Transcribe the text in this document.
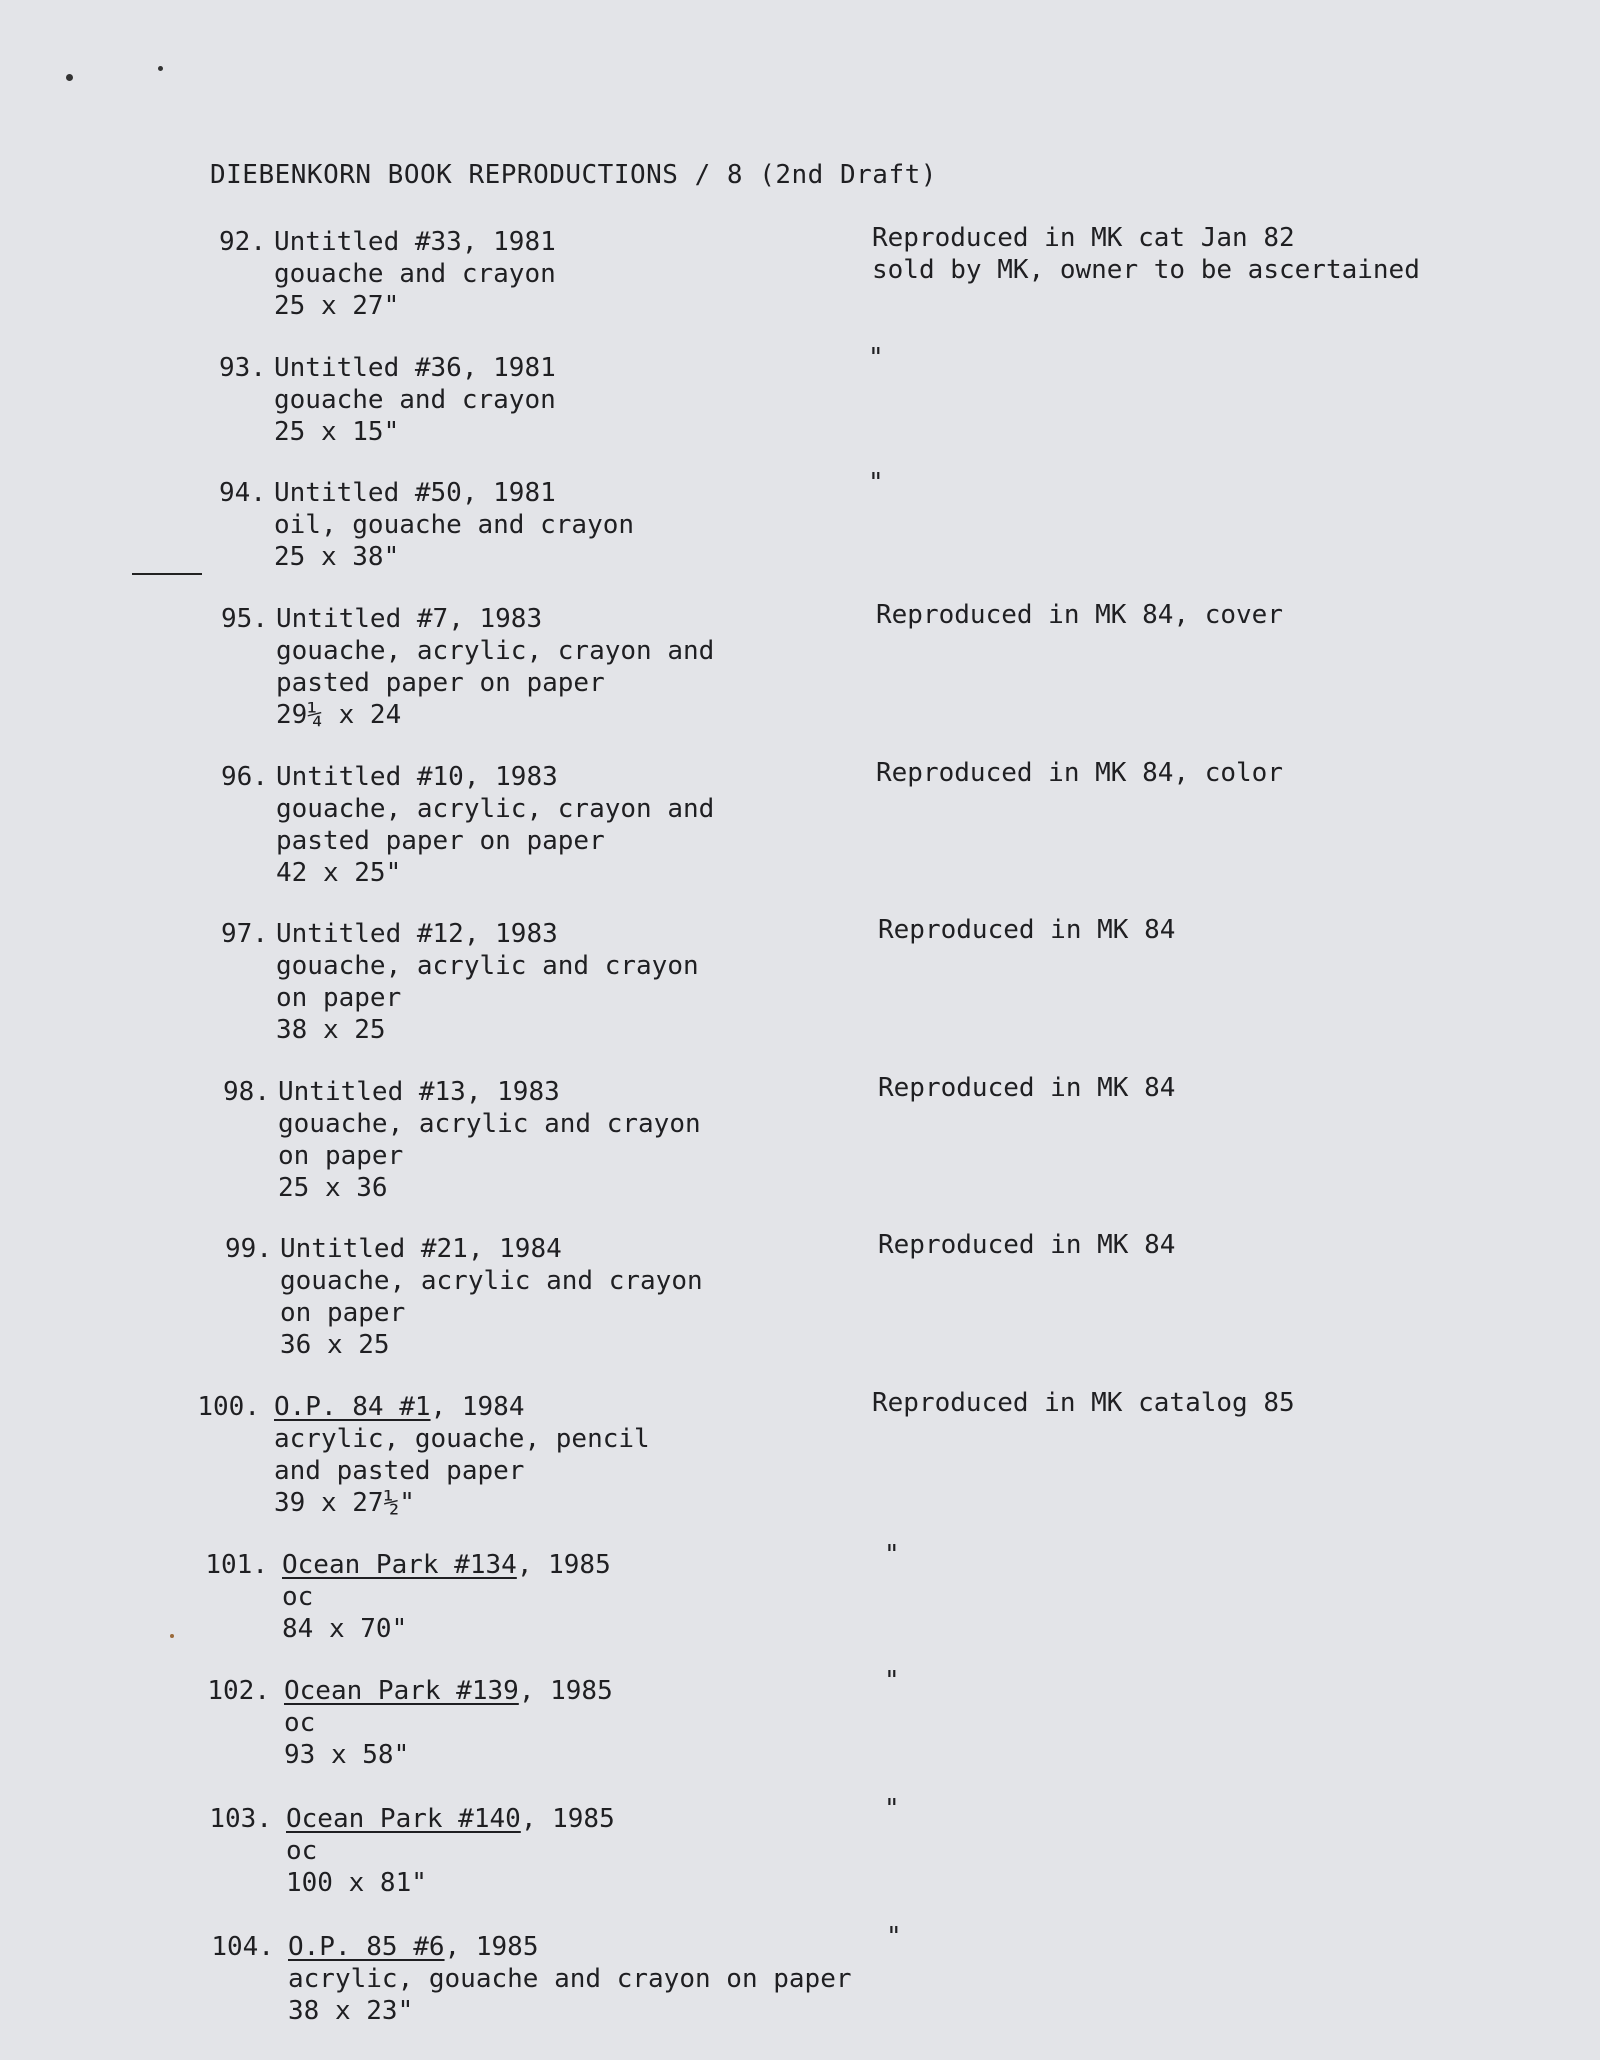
DIEBENKORN BOOK REPRODUCTIONS / 8 (2nd Draft)
92. Untitled #33, 1981
gouache and crayon
25 x 27"
Reproduced in MK cat Jan 82
sold by MK, owner to be ascertained
93. Untitled #36, 1981
gouache and crayon
25 x 15"
"
94. Untitled #50, 1981
oil, gouache and crayon
25 x 38"
"
95. Untitled #7, 1983
gouache, acrylic, crayon and
pasted paper on paper
29¼ x 24
Reproduced in MK 84, cover
96. Untitled #10, 1983
gouache, acrylic, crayon and
pasted paper on paper
42 x 25"
Reproduced in MK 84, color
97. Untitled #12, 1983
gouache, acrylic and crayon
on paper
38 x 25
Reproduced in MK 84
98. Untitled #13, 1983
gouache, acrylic and crayon
on paper
25 x 36
Reproduced in MK 84
99. Untitled #21, 1984
gouache, acrylic and crayon
on paper
36 x 25
Reproduced in MK 84
100. O.P. 84 #1, 1984
acrylic, gouache, pencil
and pasted paper
39 x 27½"
Reproduced in MK catalog 85
101. Ocean Park #134, 1985
oc
84 x 70"
"
102. Ocean Park #139, 1985
oc
93 x 58"
"
103. Ocean Park #140, 1985
oc
100 x 81"
"
104. O.P. 85 #6, 1985
acrylic, gouache and crayon on paper
38 x 23"
"
